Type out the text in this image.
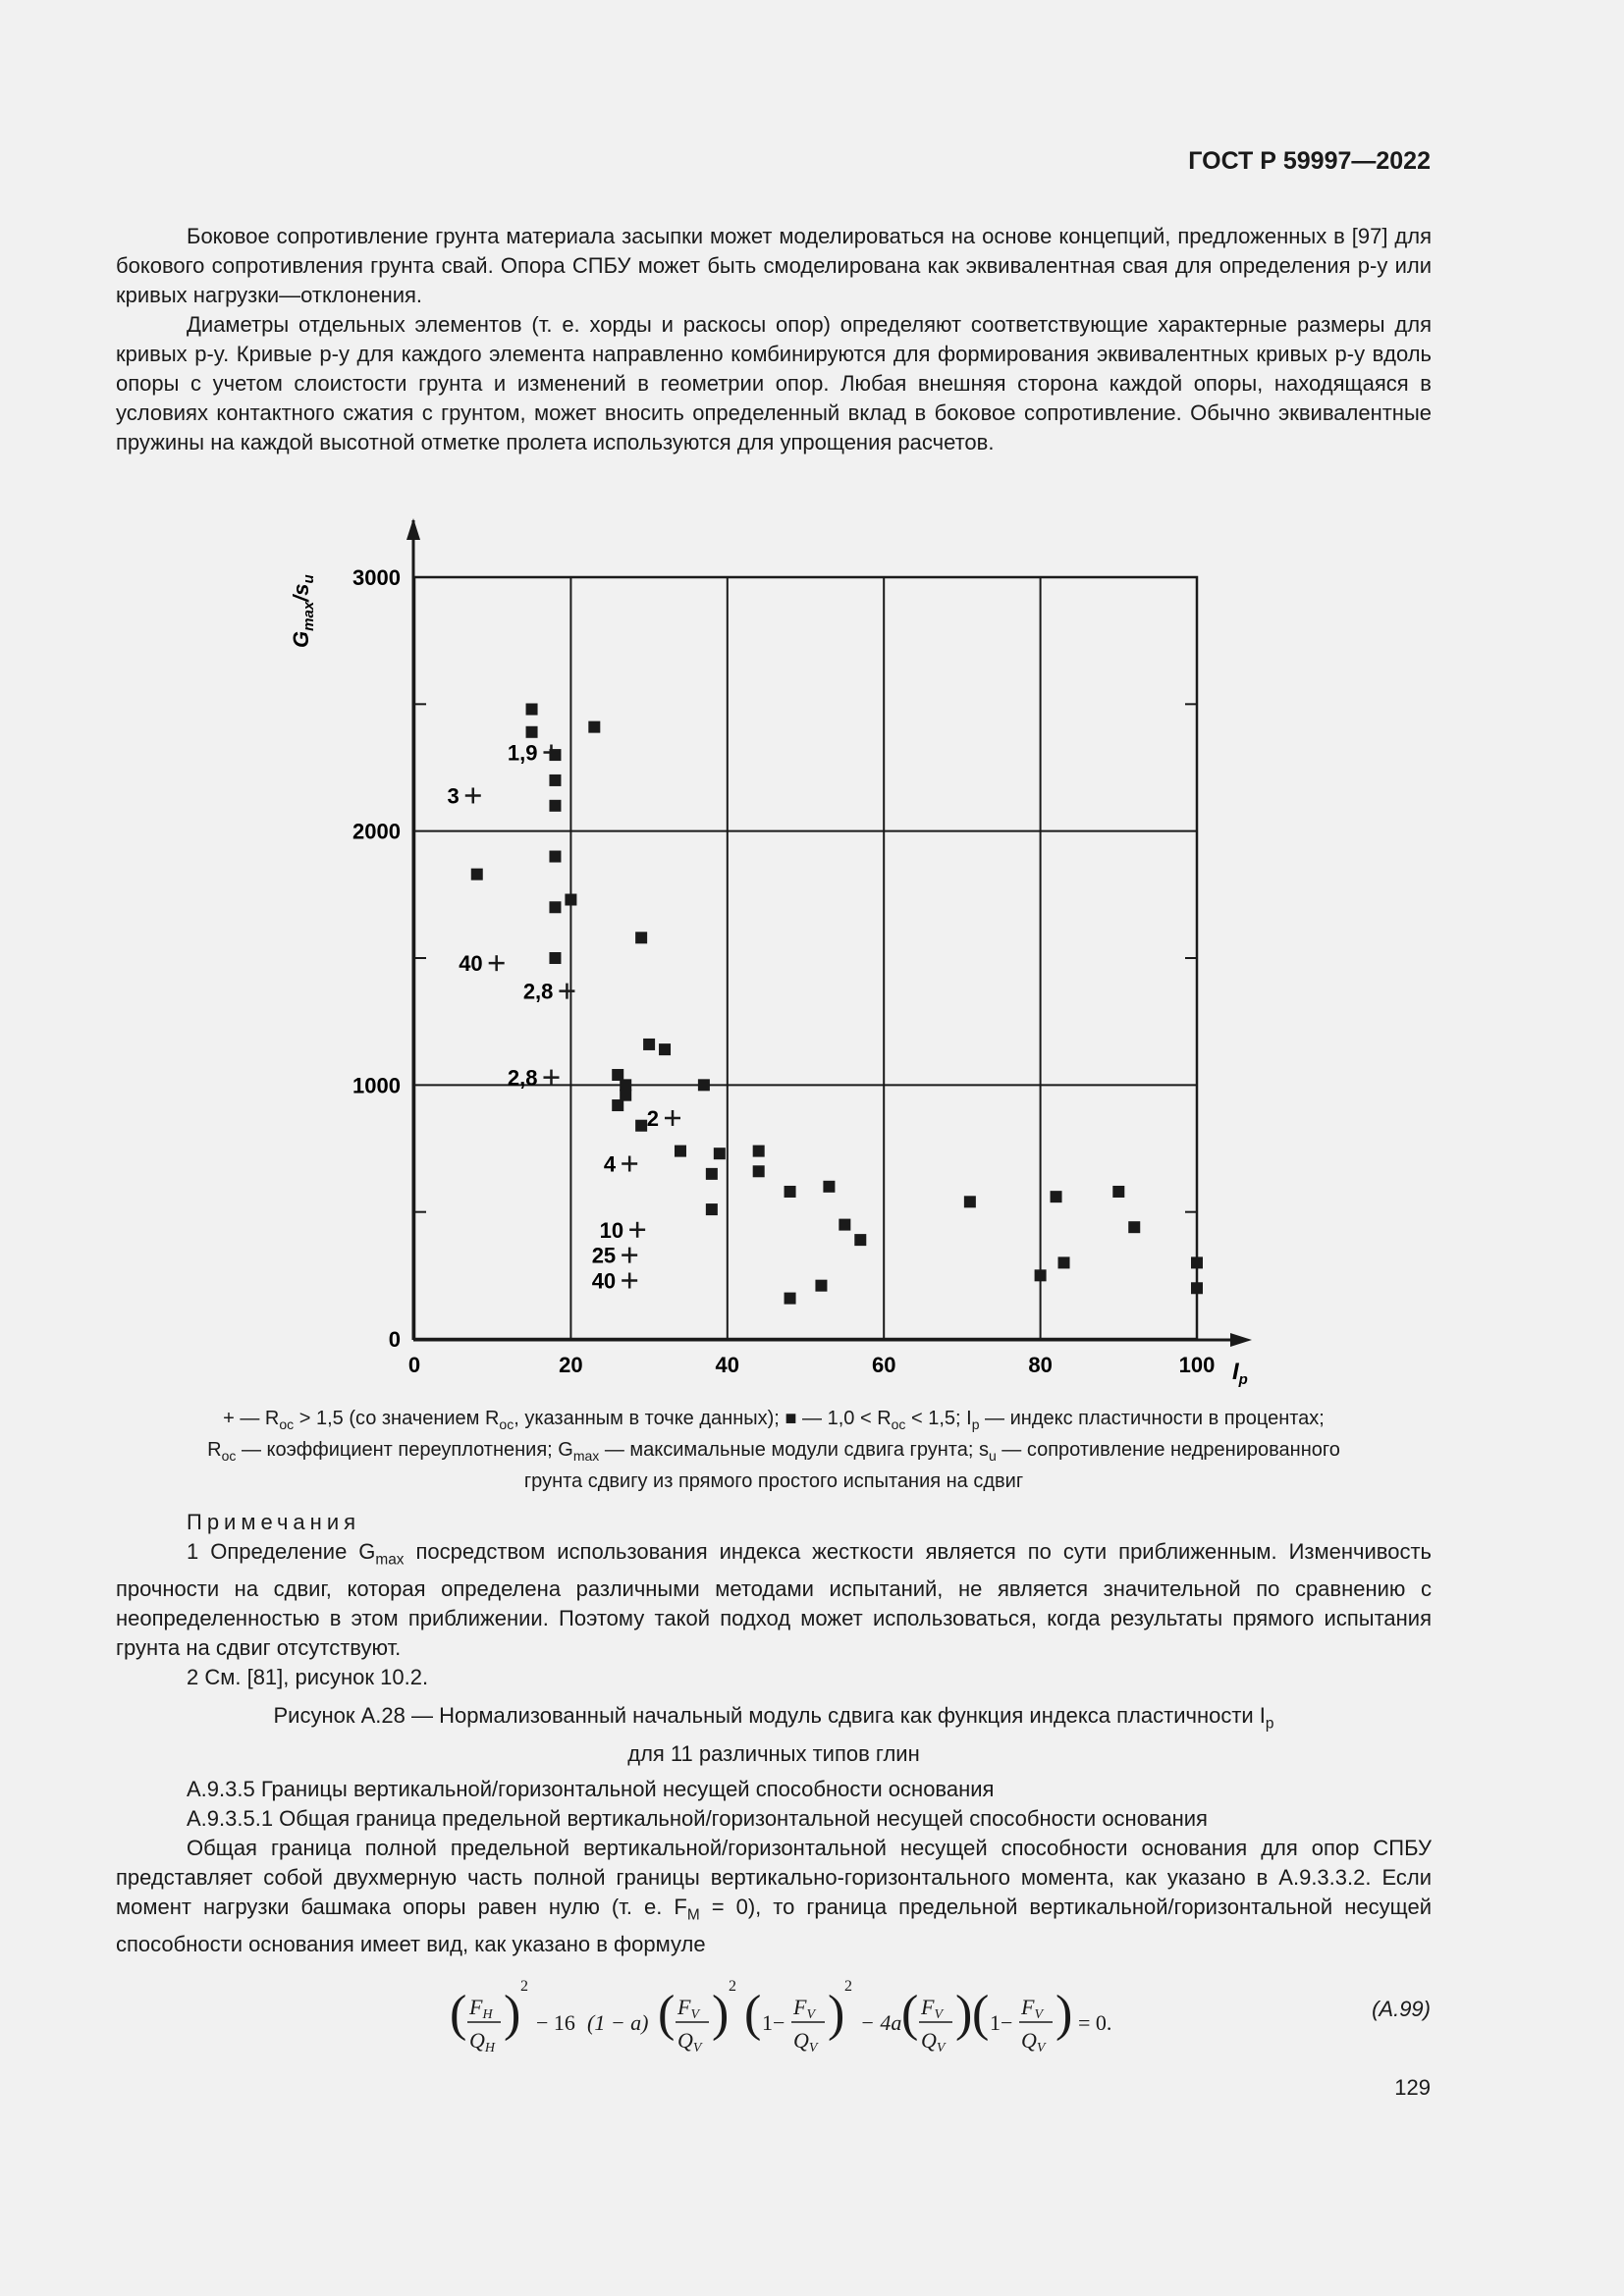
ГОСТ Р 59997—2022

Боковое сопротивление грунта материала засыпки может моделироваться на основе концепций, предложенных в [97] для бокового сопротивления грунта свай. Опора СПБУ может быть смоделирована как эквивалентная свая для определения p-y или кривых нагрузки—отклонения.

Диаметры отдельных элементов (т. е. хорды и раскосы опор) определяют соответствующие характерные размеры для кривых p-y. Кривые p-y для каждого элемента направленно комбинируются для формирования эквивалентных кривых p-y вдоль опоры с учетом слоистости грунта и изменений в геометрии опор. Любая внешняя сторона каждой опоры, находящаяся в условиях контактного сжатия с грунтом, может вносить определенный вклад в боковое сопротивление. Обычно эквивалентные пружины на каждой высотной отметке пролета используются для упрощения расчетов.

0	20	40	60	80	100
0
1000
2000
3000
1,9
3
40
2,8
2,8
2
4
10
25
40
$G_{max}/s_u$
$I_p$
+ — $R_{oc} > 1,5$ (со значением $R_{oc}$, указанным в точке данных); ■ — $1,0 < R_{oc} < 1,5$; $I_p$ — индекс пластичности в процентах;
$R_{oc}$ — коэффициент переуплотнения; $G_{max}$ — максимальные модули сдвига грунта; $s_u$ — сопротивление недренированного
грунта сдвигу из прямого простого испытания на сдвиг

Примечания

1 Определение $G_{max}$ посредством использования индекса жесткости является по сути приближенным. Изменчивость прочности на сдвиг, которая определена различными методами испытаний, не является значительной по сравнению с неопределенностью в этом приближении. Поэтому такой подход может использоваться, когда результаты прямого испытания грунта на сдвиг отсутствуют.

2 См. [81], рисунок 10.2.

Рисунок А.28 — Нормализованный начальный модуль сдвига как функция индекса пластичности $I_p$
для 11 различных типов глин

А.9.3.5 Границы вертикальной/горизонтальной несущей способности основания

А.9.3.5.1 Общая граница предельной вертикальной/горизонтальной несущей способности основания

Общая граница полной предельной вертикальной/горизонтальной несущей способности основания для опор СПБУ представляет собой двухмерную часть полной границы вертикально-горизонтального момента, как указано в А.9.3.3.2. Если момент нагрузки башмака опоры равен нулю (т. е. $F_M = 0$), то граница предельной вертикальной/горизонтальной несущей способности основания имеет вид, как указано в формуле

( FH
QH
) 2
− 16 (1 − a) ( FV
QV
) 2 ( 1−
FV
QV
) 2
− 4a ( FV
QV
) ( 1−
FV
QV
) = 0.
(A.99)
129
